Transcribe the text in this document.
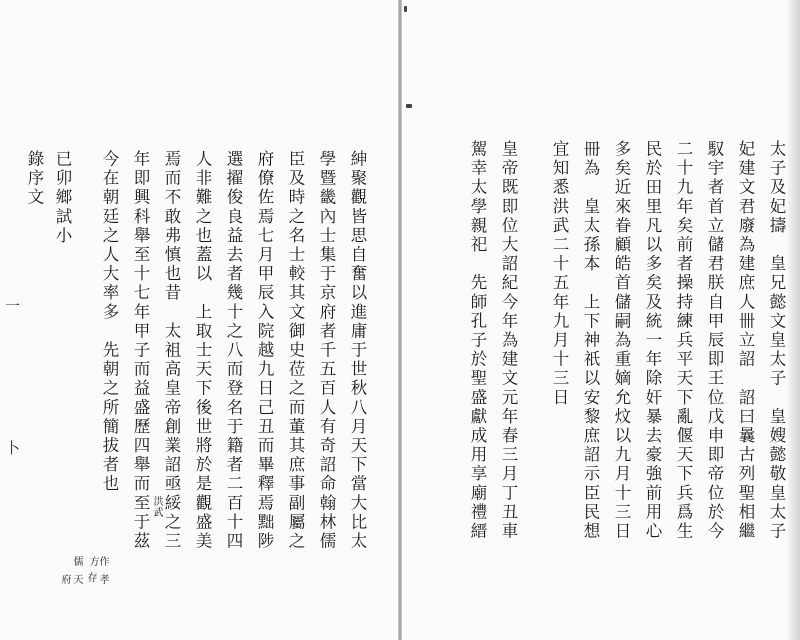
太子及妃擣　皇兄懿文皇太子　皇嫂懿敬皇太子
妃建文君廢為建庶人卌立詔　詔曰曩古列聖相繼
馭宇者首立儲君朕自甲辰即王位戊申即帝位於今
二十九年矣前者操持練兵平天下亂偃天下兵爲生
民於田里凡以多矣及統一年除奸暴去豪強前用心
多矣近來眷顧皓首儲嗣為重嫡允炆以九月十三日
冊為　皇太孫本　上下神祇以安黎庶詔示臣民想
宜知悉洪武二十五年九月十三日
皇帝既即位大詔紀今年為建文元年春三月丁丑車
駕幸太學親祀　先師孔子於聖盛獻成用享廟禮縉
紳聚觀皆思自奮以進庸于世秋八月天下當大比太
學暨畿內士集于京府者千五百人有奇詔命翰林儒
臣及時之名士較其文御史莅之而董其庶事副屬之
府僚佐焉七月甲辰入院越九日己丑而畢釋焉黜陟
選擢俊良益去者幾十之八而登名于籍者二百十四
人非難之也蓋以　上取士天下後世將於是觀盛美
焉而不敢弗慎也昔　太祖高皇帝創業詔亟綏之三
年即興科舉至十七年甲子而益盛歷四舉而至于茲
今在朝廷之人大率多　先朝之所簡拔者也
已卯鄉試小
錄序文
洪武
作
方
存 孝
儒
天
府
一
卜
